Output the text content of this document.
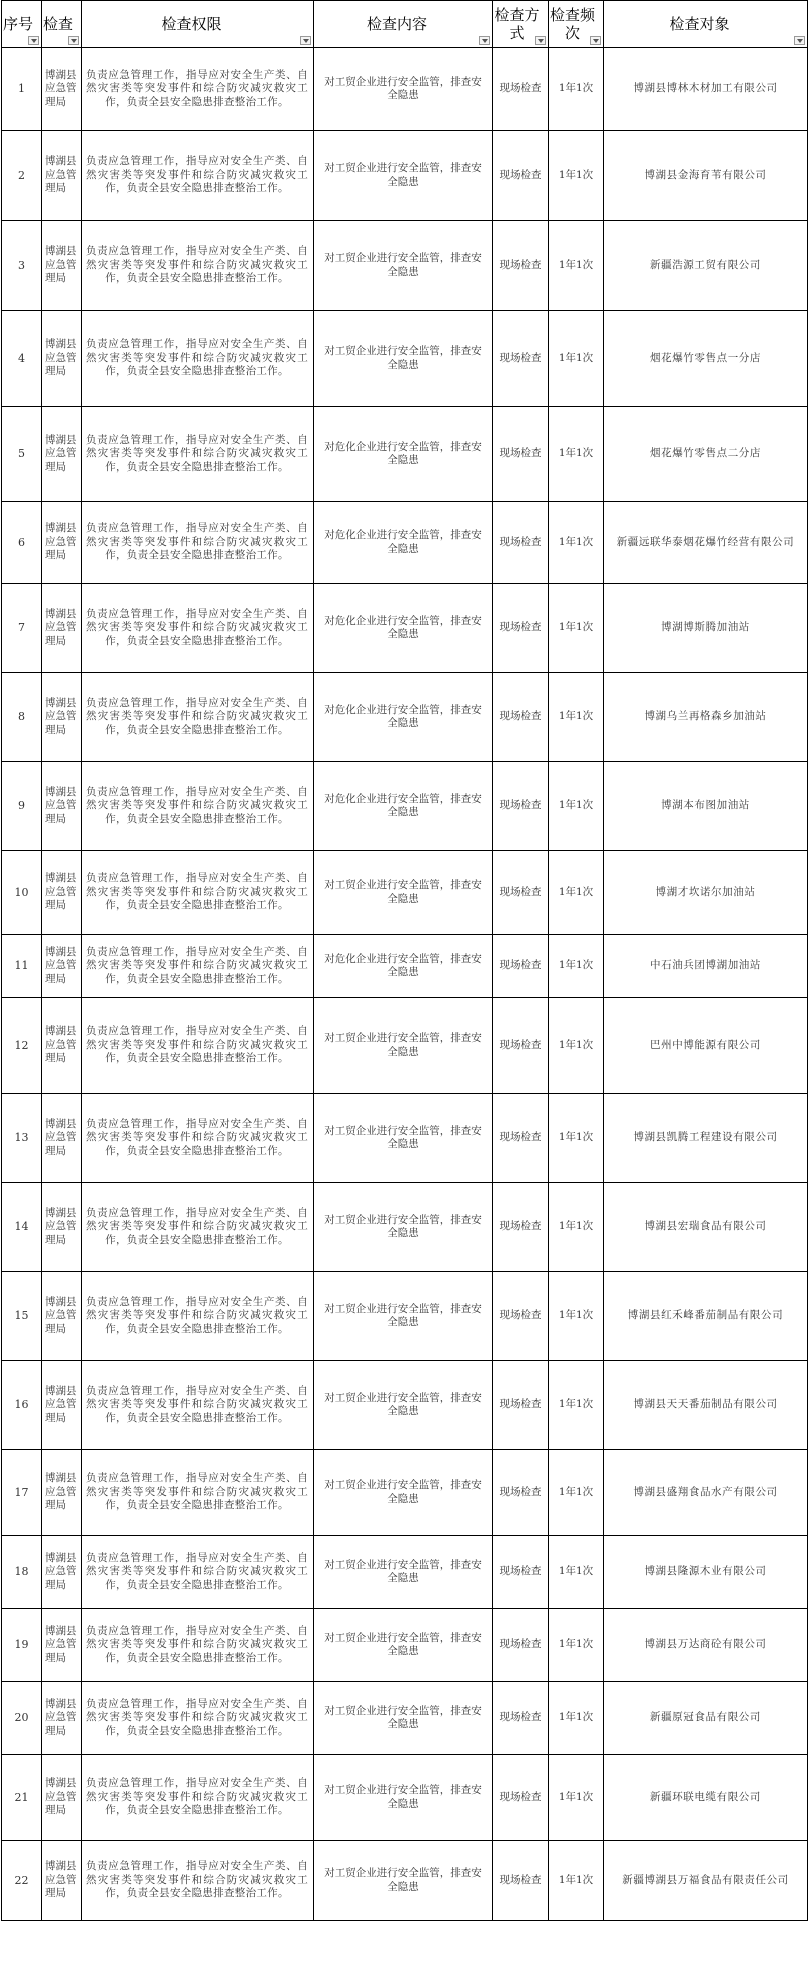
序号	检查	检查权限	检查内容	检查方式	检查频次	检查对象

1	博湖县应急管理局	负责应急管理工作，指导应对安全生产类、自然灾害类等突发事件和综合防灾减灾救灾工作，负责全县安全隐患排查整治工作。	对工贸企业进行安全监管，排查安全隐患	现场检查	1年1次	博湖县博林木材加工有限公司

2	博湖县应急管理局	负责应急管理工作，指导应对安全生产类、自然灾害类等突发事件和综合防灾减灾救灾工作，负责全县安全隐患排查整治工作。	对工贸企业进行安全监管，排查安全隐患	现场检查	1年1次	博湖县金海育苇有限公司

3	博湖县应急管理局	负责应急管理工作，指导应对安全生产类、自然灾害类等突发事件和综合防灾减灾救灾工作，负责全县安全隐患排查整治工作。	对工贸企业进行安全监管，排查安全隐患	现场检查	1年1次	新疆浩源工贸有限公司

4	博湖县应急管理局	负责应急管理工作，指导应对安全生产类、自然灾害类等突发事件和综合防灾减灾救灾工作，负责全县安全隐患排查整治工作。	对工贸企业进行安全监管，排查安全隐患	现场检查	1年1次	烟花爆竹零售点一分店

5	博湖县应急管理局	负责应急管理工作，指导应对安全生产类、自然灾害类等突发事件和综合防灾减灾救灾工作，负责全县安全隐患排查整治工作。	对危化企业进行安全监管，排查安全隐患	现场检查	1年1次	烟花爆竹零售点二分店

6	博湖县应急管理局	负责应急管理工作，指导应对安全生产类、自然灾害类等突发事件和综合防灾减灾救灾工作，负责全县安全隐患排查整治工作。	对危化企业进行安全监管，排查安全隐患	现场检查	1年1次	新疆远联华泰烟花爆竹经营有限公司

7	博湖县应急管理局	负责应急管理工作，指导应对安全生产类、自然灾害类等突发事件和综合防灾减灾救灾工作，负责全县安全隐患排查整治工作。	对危化企业进行安全监管，排查安全隐患	现场检查	1年1次	博湖博斯腾加油站

8	博湖县应急管理局	负责应急管理工作，指导应对安全生产类、自然灾害类等突发事件和综合防灾减灾救灾工作，负责全县安全隐患排查整治工作。	对危化企业进行安全监管，排查安全隐患	现场检查	1年1次	博湖乌兰再格森乡加油站

9	博湖县应急管理局	负责应急管理工作，指导应对安全生产类、自然灾害类等突发事件和综合防灾减灾救灾工作，负责全县安全隐患排查整治工作。	对危化企业进行安全监管，排查安全隐患	现场检查	1年1次	博湖本布图加油站

10	博湖县应急管理局	负责应急管理工作，指导应对安全生产类、自然灾害类等突发事件和综合防灾减灾救灾工作，负责全县安全隐患排查整治工作。	对工贸企业进行安全监管，排查安全隐患	现场检查	1年1次	博湖才坎诺尔加油站

11	博湖县应急管理局	负责应急管理工作，指导应对安全生产类、自然灾害类等突发事件和综合防灾减灾救灾工作，负责全县安全隐患排查整治工作。	对危化企业进行安全监管，排查安全隐患	现场检查	1年1次	中石油兵团博湖加油站

12	博湖县应急管理局	负责应急管理工作，指导应对安全生产类、自然灾害类等突发事件和综合防灾减灾救灾工作，负责全县安全隐患排查整治工作。	对工贸企业进行安全监管，排查安全隐患	现场检查	1年1次	巴州中博能源有限公司

13	博湖县应急管理局	负责应急管理工作，指导应对安全生产类、自然灾害类等突发事件和综合防灾减灾救灾工作，负责全县安全隐患排查整治工作。	对工贸企业进行安全监管，排查安全隐患	现场检查	1年1次	博湖县凯腾工程建设有限公司

14	博湖县应急管理局	负责应急管理工作，指导应对安全生产类、自然灾害类等突发事件和综合防灾减灾救灾工作，负责全县安全隐患排查整治工作。	对工贸企业进行安全监管，排查安全隐患	现场检查	1年1次	博湖县宏瑞食品有限公司

15	博湖县应急管理局	负责应急管理工作，指导应对安全生产类、自然灾害类等突发事件和综合防灾减灾救灾工作，负责全县安全隐患排查整治工作。	对工贸企业进行安全监管，排查安全隐患	现场检查	1年1次	博湖县红禾峰番茄制品有限公司

16	博湖县应急管理局	负责应急管理工作，指导应对安全生产类、自然灾害类等突发事件和综合防灾减灾救灾工作，负责全县安全隐患排查整治工作。	对工贸企业进行安全监管，排查安全隐患	现场检查	1年1次	博湖县天天番茄制品有限公司

17	博湖县应急管理局	负责应急管理工作，指导应对安全生产类、自然灾害类等突发事件和综合防灾减灾救灾工作，负责全县安全隐患排查整治工作。	对工贸企业进行安全监管，排查安全隐患	现场检查	1年1次	博湖县盛翔食品水产有限公司

18	博湖县应急管理局	负责应急管理工作，指导应对安全生产类、自然灾害类等突发事件和综合防灾减灾救灾工作，负责全县安全隐患排查整治工作。	对工贸企业进行安全监管，排查安全隐患	现场检查	1年1次	博湖县隆源木业有限公司

19	博湖县应急管理局	负责应急管理工作，指导应对安全生产类、自然灾害类等突发事件和综合防灾减灾救灾工作，负责全县安全隐患排查整治工作。	对工贸企业进行安全监管，排查安全隐患	现场检查	1年1次	博湖县万达商砼有限公司

20	博湖县应急管理局	负责应急管理工作，指导应对安全生产类、自然灾害类等突发事件和综合防灾减灾救灾工作，负责全县安全隐患排查整治工作。	对工贸企业进行安全监管，排查安全隐患	现场检查	1年1次	新疆原冠食品有限公司

21	博湖县应急管理局	负责应急管理工作，指导应对安全生产类、自然灾害类等突发事件和综合防灾减灾救灾工作，负责全县安全隐患排查整治工作。	对工贸企业进行安全监管，排查安全隐患	现场检查	1年1次	新疆环联电缆有限公司

22	博湖县应急管理局	负责应急管理工作，指导应对安全生产类、自然灾害类等突发事件和综合防灾减灾救灾工作，负责全县安全隐患排查整治工作。	对工贸企业进行安全监管，排查安全隐患	现场检查	1年1次	新疆博湖县万福食品有限责任公司
